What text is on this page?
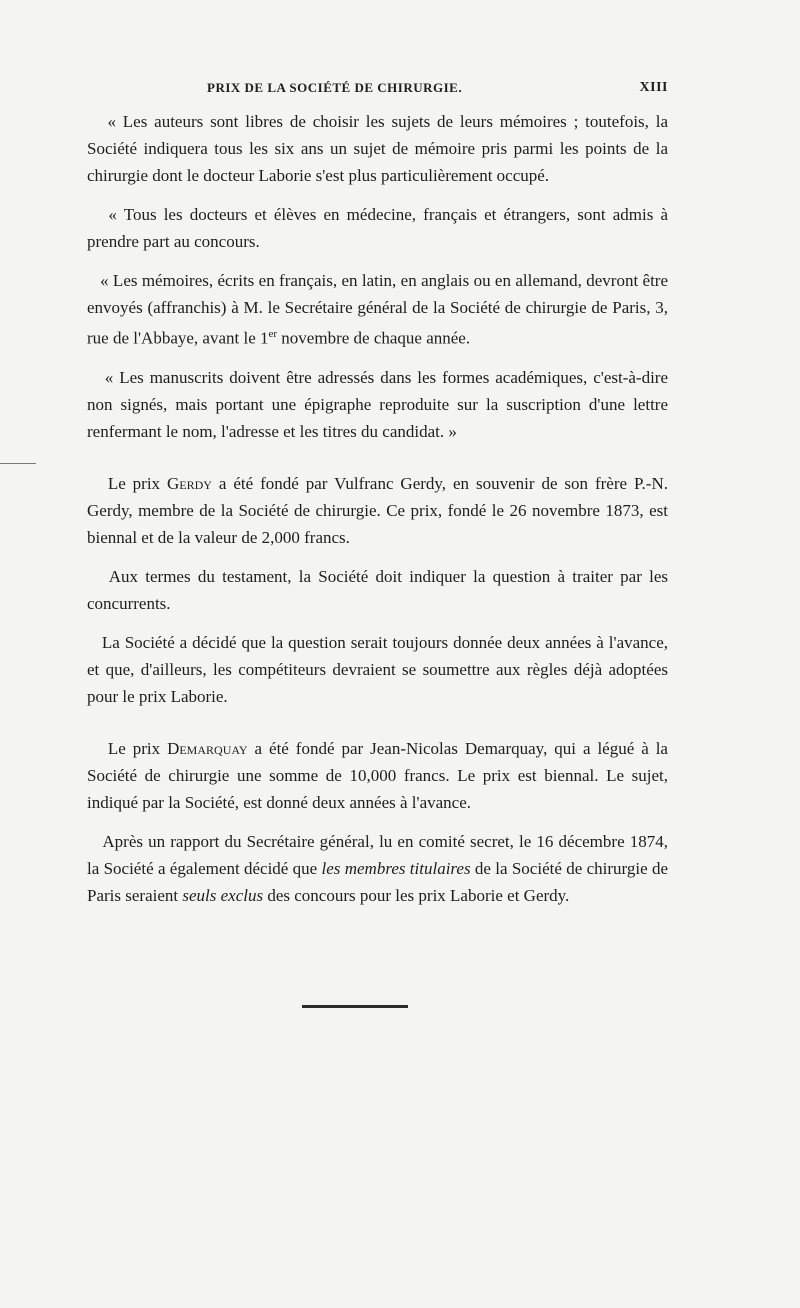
PRIX DE LA SOCIÉTÉ DE CHIRURGIE.	XIII

« Les auteurs sont libres de choisir les sujets de leurs mémoires ; toutefois, la Société indiquera tous les six ans un sujet de mémoire pris parmi les points de la chirurgie dont le docteur Laborie s'est plus particulièrement occupé.

« Tous les docteurs et élèves en médecine, français et étrangers, sont admis à prendre part au concours.

« Les mémoires, écrits en français, en latin, en anglais ou en allemand, devront être envoyés (affranchis) à M. le Secrétaire général de la Société de chirurgie de Paris, 3, rue de l'Abbaye, avant le 1er novembre de chaque année.

« Les manuscrits doivent être adressés dans les formes académiques, c'est-à-dire non signés, mais portant une épigraphe reproduite sur la suscription d'une lettre renfermant le nom, l'adresse et les titres du candidat. »

Le prix Gerdy a été fondé par Vulfranc Gerdy, en souvenir de son frère P.-N. Gerdy, membre de la Société de chirurgie. Ce prix, fondé le 26 novembre 1873, est biennal et de la valeur de 2,000 francs.

Aux termes du testament, la Société doit indiquer la question à traiter par les concurrents.

La Société a décidé que la question serait toujours donnée deux années à l'avance, et que, d'ailleurs, les compétiteurs devraient se soumettre aux règles déjà adoptées pour le prix Laborie.

Le prix Demarquay a été fondé par Jean-Nicolas Demarquay, qui a légué à la Société de chirurgie une somme de 10,000 francs. Le prix est biennal. Le sujet, indiqué par la Société, est donné deux années à l'avance.

Après un rapport du Secrétaire général, lu en comité secret, le 16 décembre 1874, la Société a également décidé que les membres titulaires de la Société de chirurgie de Paris seraient seuls exclus des concours pour les prix Laborie et Gerdy.
